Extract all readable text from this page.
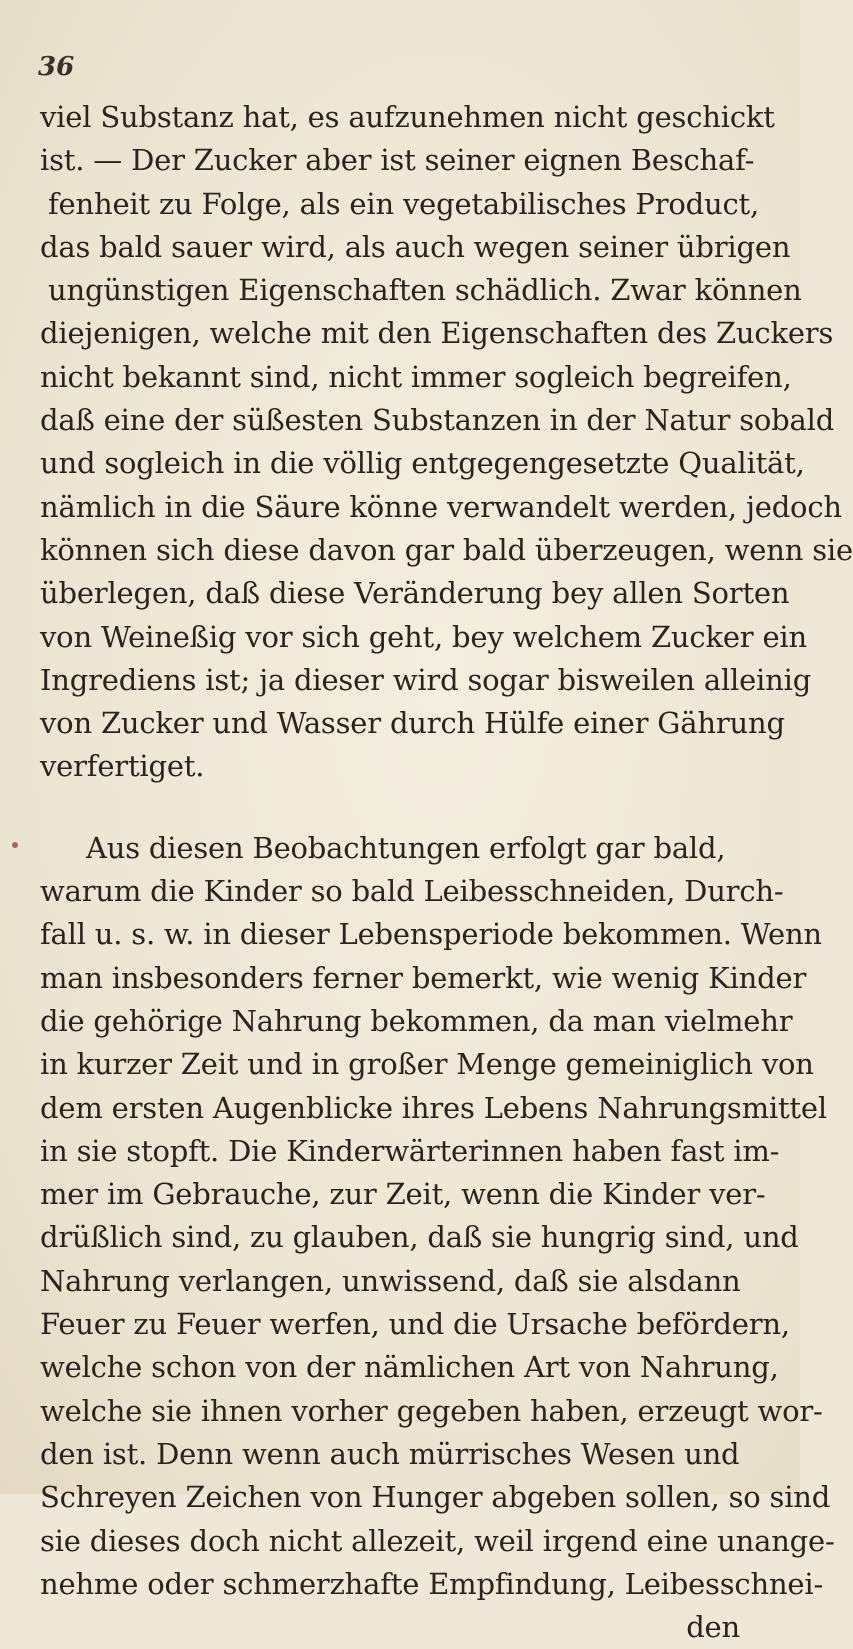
36
viel Substanz hat, es aufzunehmen nicht geschickt
ist. — Der Zucker aber ist seiner eignen Beschaf-
fenheit zu Folge, als ein vegetabilisches Product,
das bald sauer wird, als auch wegen seiner übrigen
ungünstigen Eigenschaften schädlich. Zwar können
diejenigen, welche mit den Eigenschaften des Zuckers
nicht bekannt sind, nicht immer sogleich begreifen,
daß eine der süßesten Substanzen in der Natur sobald
und sogleich in die völlig entgegengesetzte Qualität,
nämlich in die Säure könne verwandelt werden, jedoch
können sich diese davon gar bald überzeugen, wenn sie
überlegen, daß diese Veränderung bey allen Sorten
von Weineßig vor sich geht, bey welchem Zucker ein
Ingrediens ist; ja dieser wird sogar bisweilen alleinig
von Zucker und Wasser durch Hülfe einer Gährung
verfertiget.
Aus diesen Beobachtungen erfolgt gar bald,
warum die Kinder so bald Leibesschneiden, Durch-
fall u. s. w. in dieser Lebensperiode bekommen. Wenn
man insbesonders ferner bemerkt, wie wenig Kinder
die gehörige Nahrung bekommen, da man vielmehr
in kurzer Zeit und in großer Menge gemeiniglich von
dem ersten Augenblicke ihres Lebens Nahrungsmittel
in sie stopft. Die Kinderwärterinnen haben fast im-
mer im Gebrauche, zur Zeit, wenn die Kinder ver-
drüßlich sind, zu glauben, daß sie hungrig sind, und
Nahrung verlangen, unwissend, daß sie alsdann
Feuer zu Feuer werfen, und die Ursache befördern,
welche schon von der nämlichen Art von Nahrung,
welche sie ihnen vorher gegeben haben, erzeugt wor-
den ist. Denn wenn auch mürrisches Wesen und
Schreyen Zeichen von Hunger abgeben sollen, so sind
sie dieses doch nicht allezeit, weil irgend eine unange-
nehme oder schmerzhafte Empfindung, Leibesschnei-
den
